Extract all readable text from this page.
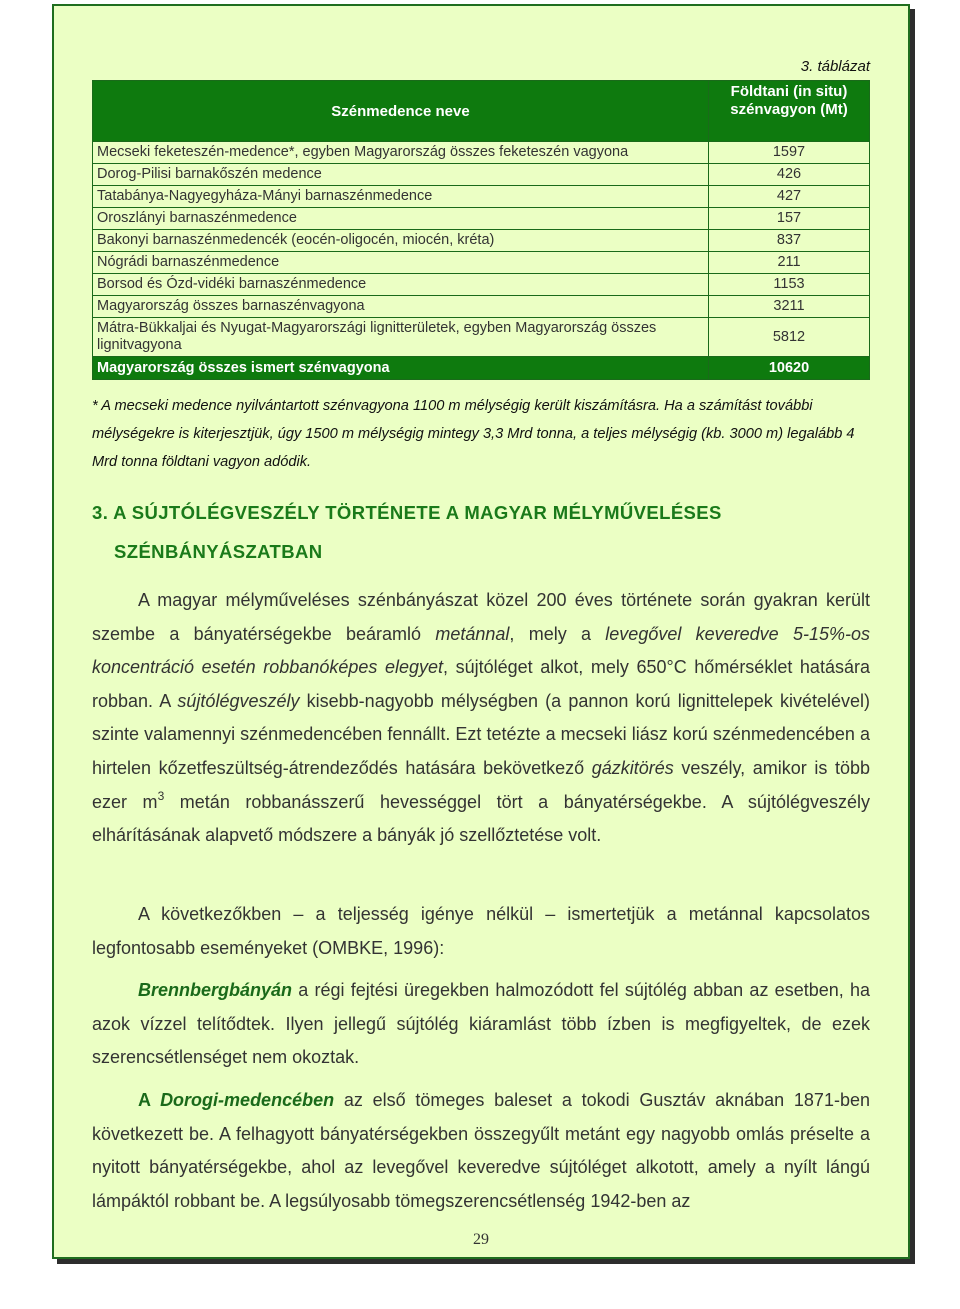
3. táblázat
Szénmedence neve	Földtani (in situ) szénvagyon (Mt)
Mecseki feketeszén-medence*, egyben Magyarország összes feketeszén vagyona	1597
Dorog-Pilisi barnakőszén medence	426
Tatabánya-Nagyegyháza-Mányi barnaszénmedence	427
Oroszlányi barnaszénmedence	157
Bakonyi barnaszénmedencék (eocén-oligocén, miocén, kréta)	837
Nógrádi barnaszénmedence	211
Borsod és Ózd-vidéki barnaszénmedence	1153
Magyarország összes barnaszénvagyona	3211
Mátra-Bükkaljai és Nyugat-Magyarországi lignitterületek, egyben Magyarország összes lignitvagyona	5812
Magyarország összes ismert szénvagyona	10620
* A mecseki medence nyilvántartott szénvagyona 1100 m mélységig került kiszámításra. Ha a számítást további mélységekre is kiterjesztjük, úgy 1500 m mélységig mintegy 3,3 Mrd tonna, a teljes mélységig (kb. 3000 m) legalább 4 Mrd tonna földtani vagyon adódik.
3. A SÚJTÓLÉGVESZÉLY TÖRTÉNETE A MAGYAR MÉLYMŰVELÉSES
SZÉNBÁNYÁSZATBAN

A magyar mélyműveléses szénbányászat közel 200 éves története során gyakran került szembe a bányatérségekbe beáramló metánnal, mely a levegővel keveredve 5-15%-os koncentráció esetén robbanóképes elegyet, sújtóléget alkot, mely 650°C hőmérséklet hatására robban. A sújtólégveszély kisebb-nagyobb mélységben (a pannon korú lignittelepek kivételével) szinte valamennyi szénmedencében fennállt. Ezt tetézte a mecseki liász korú szénmedencében a hirtelen kőzetfeszültség-átrendeződés hatására bekövetkező gázkitörés veszély, amikor is több ezer $m^3$ metán robbanásszerű hevességgel tört a bányatérségekbe. A sújtólégveszély elhárításának alapvető módszere a bányák jó szellőztetése volt.

A következőkben – a teljesség igénye nélkül – ismertetjük a metánnal kapcsolatos legfontosabb eseményeket (OMBKE, 1996):

Brennbergbányán a régi fejtési üregekben halmozódott fel sújtólég abban az esetben, ha azok vízzel telítődtek. Ilyen jellegű sújtólég kiáramlást több ízben is megfigyeltek, de ezek szerencsétlenséget nem okoztak.

A Dorogi-medencében az első tömeges baleset a tokodi Gusztáv aknában 1871-ben következett be. A felhagyott bányatérségekben összegyűlt metánt egy nagyobb omlás préselte a nyitott bányatérségekbe, ahol az levegővel keveredve sújtóléget alkotott, amely a nyílt lángú lámpáktól robbant be. A legsúlyosabb tömegszerencsétlenség 1942-ben az

29
